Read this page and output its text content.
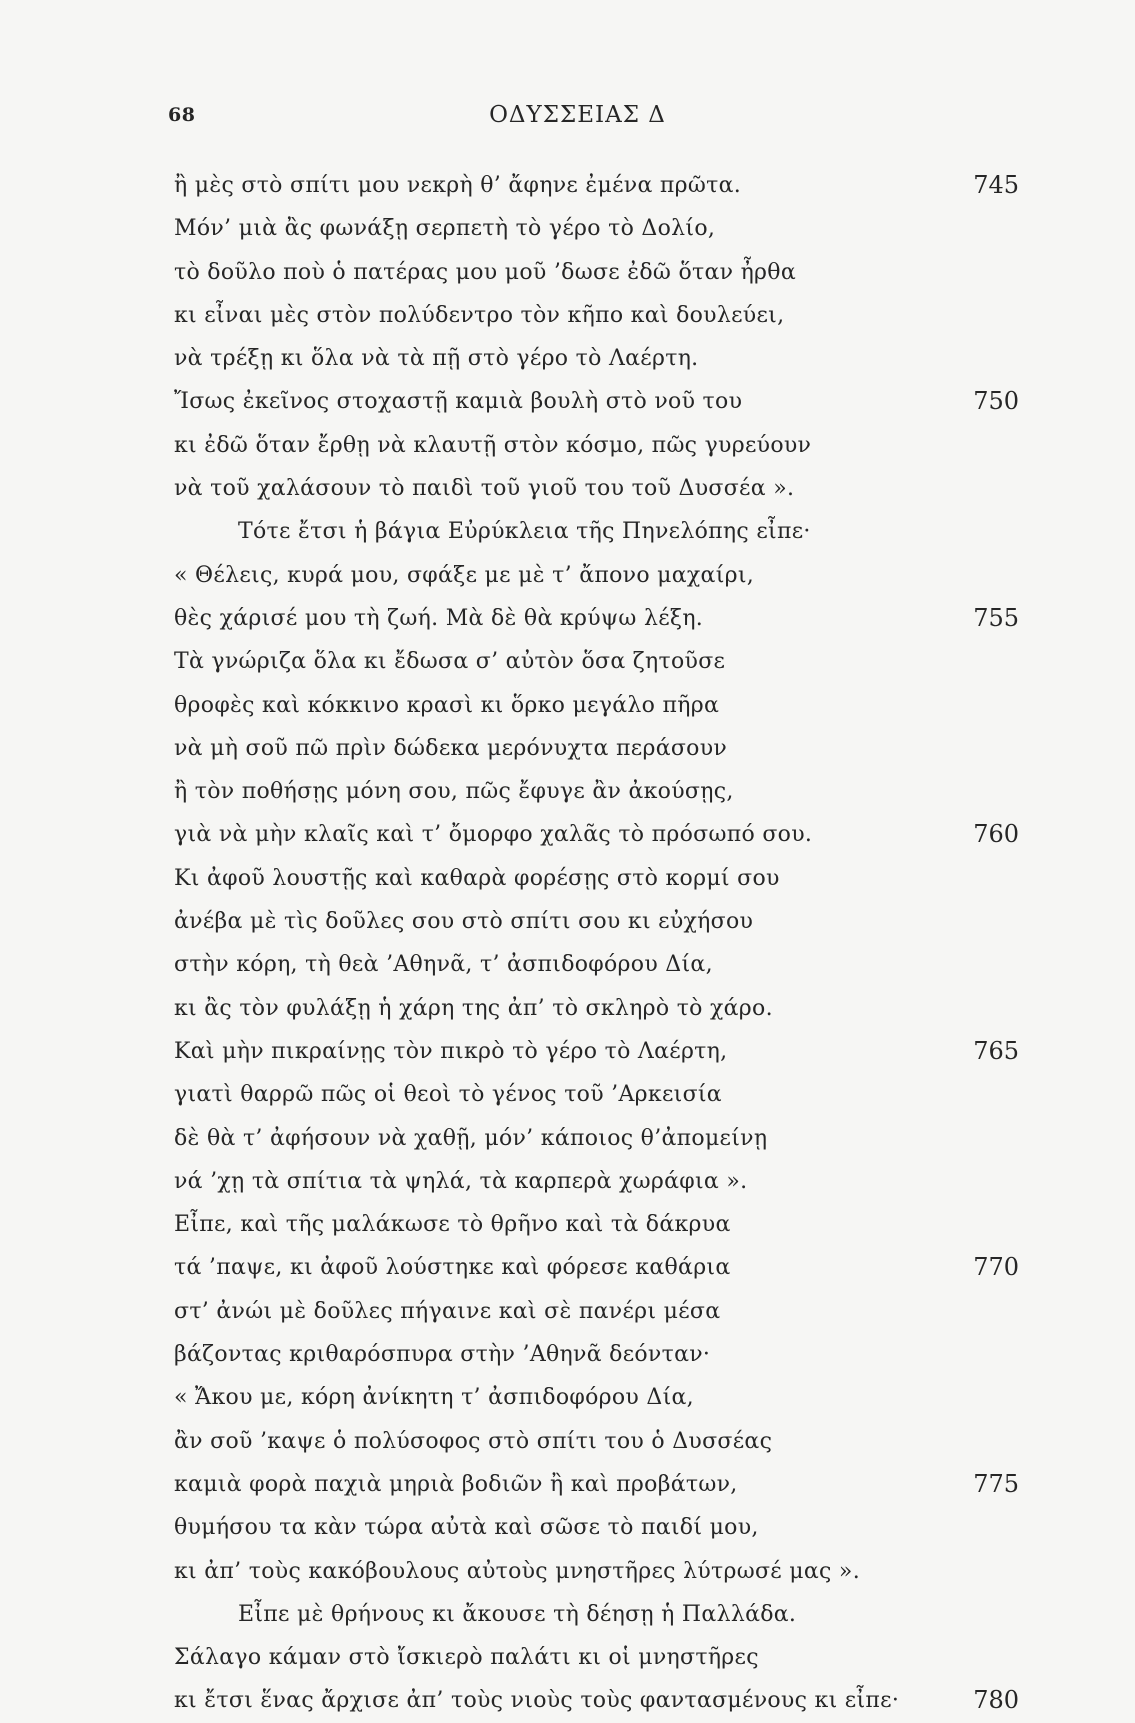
68	ΟΔΥΣΣΕΙΑΣ Δ
ἢ μὲς στὸ σπίτι μου νεκρὴ θ’ ἄφηνε ἐμένα πρῶτα.	745
Μόν’ μιὰ ἂς φωνάξῃ σερπετὴ τὸ γέρο τὸ Δολίο,
τὸ δοῦλο ποὺ ὁ πατέρας μου μοῦ ’δωσε ἐδῶ ὅταν ἦρθα
κι εἶναι μὲς στὸν πολύδεντρο τὸν κῆπο καὶ δουλεύει,
νὰ τρέξῃ κι ὅλα νὰ τὰ πῇ στὸ γέρο τὸ Λαέρτη.
Ἴσως ἐκεῖνος στοχαστῇ καμιὰ βουλὴ στὸ νοῦ του	750
κι ἐδῶ ὅταν ἔρθῃ νὰ κλαυτῇ στὸν κόσμο, πῶς γυρεύουν
νὰ τοῦ χαλάσουν τὸ παιδὶ τοῦ γιοῦ του τοῦ Δυσσέα ».
Τότε ἔτσι ἡ βάγια Εὐρύκλεια τῆς Πηνελόπης εἶπε·
« Θέλεις, κυρά μου, σφάξε με μὲ τ’ ἄπονο μαχαίρι,
θὲς χάρισέ μου τὴ ζωή. Μὰ δὲ θὰ κρύψω λέξη.	755
Τὰ γνώριζα ὅλα κι ἔδωσα σ’ αὐτὸν ὅσα ζητοῦσε
θροφὲς καὶ κόκκινο κρασὶ κι ὅρκο μεγάλο πῆρα
νὰ μὴ σοῦ πῶ πρὶν δώδεκα μερόνυχτα περάσουν
ἢ τὸν ποθήσῃς μόνη σου, πῶς ἔφυγε ἂν ἀκούσῃς,
γιὰ νὰ μὴν κλαῖς καὶ τ’ ὄμορφο χαλᾶς τὸ πρόσωπό σου.	760
Κι ἀφοῦ λουστῇς καὶ καθαρὰ φορέσῃς στὸ κορμί σου
ἀνέβα μὲ τὶς δοῦλες σου στὸ σπίτι σου κι εὐχήσου
στὴν κόρη, τὴ θεὰ ’Αθηνᾶ, τ’ ἀσπιδοφόρου Δία,
κι ἂς τὸν φυλάξῃ ἡ χάρη της ἀπ’ τὸ σκληρὸ τὸ χάρο.
Καὶ μὴν πικραίνῃς τὸν πικρὸ τὸ γέρο τὸ Λαέρτη,	765
γιατὶ θαρρῶ πῶς οἱ θεοὶ τὸ γένος τοῦ ’Αρκεισία
δὲ θὰ τ’ ἀφήσουν νὰ χαθῇ, μόν’ κάποιος θ’ἀπομείνῃ
νά ’χῃ τὰ σπίτια τὰ ψηλά, τὰ καρπερὰ χωράφια ».
Εἶπε, καὶ τῆς μαλάκωσε τὸ θρῆνο καὶ τὰ δάκρυα
τά ’παψε, κι ἀφοῦ λούστηκε καὶ φόρεσε καθάρια	770
στ’ ἀνώι μὲ δοῦλες πήγαινε καὶ σὲ πανέρι μέσα
βάζοντας κριθαρόσπυρα στὴν ’Αθηνᾶ δεόνταν·
« Ἄκου με, κόρη ἀνίκητη τ’ ἀσπιδοφόρου Δία,
ἂν σοῦ ’καψε ὁ πολύσοφος στὸ σπίτι του ὁ Δυσσέας
καμιὰ φορὰ παχιὰ μηριὰ βοδιῶν ἢ καὶ προβάτων,	775
θυμήσου τα κὰν τώρα αὐτὰ καὶ σῶσε τὸ παιδί μου,
κι ἀπ’ τοὺς κακόβουλους αὐτοὺς μνηστῆρες λύτρωσέ μας ».
Εἶπε μὲ θρήνους κι ἄκουσε τὴ δέησῃ ἡ Παλλάδα.
Σάλαγο κάμαν στὸ ἴσκιερὸ παλάτι κι οἱ μνηστῆρες
κι ἔτσι ἕνας ἄρχισε ἀπ’ τοὺς νιοὺς τοὺς φαντασμένους κι εἶπε·	780
